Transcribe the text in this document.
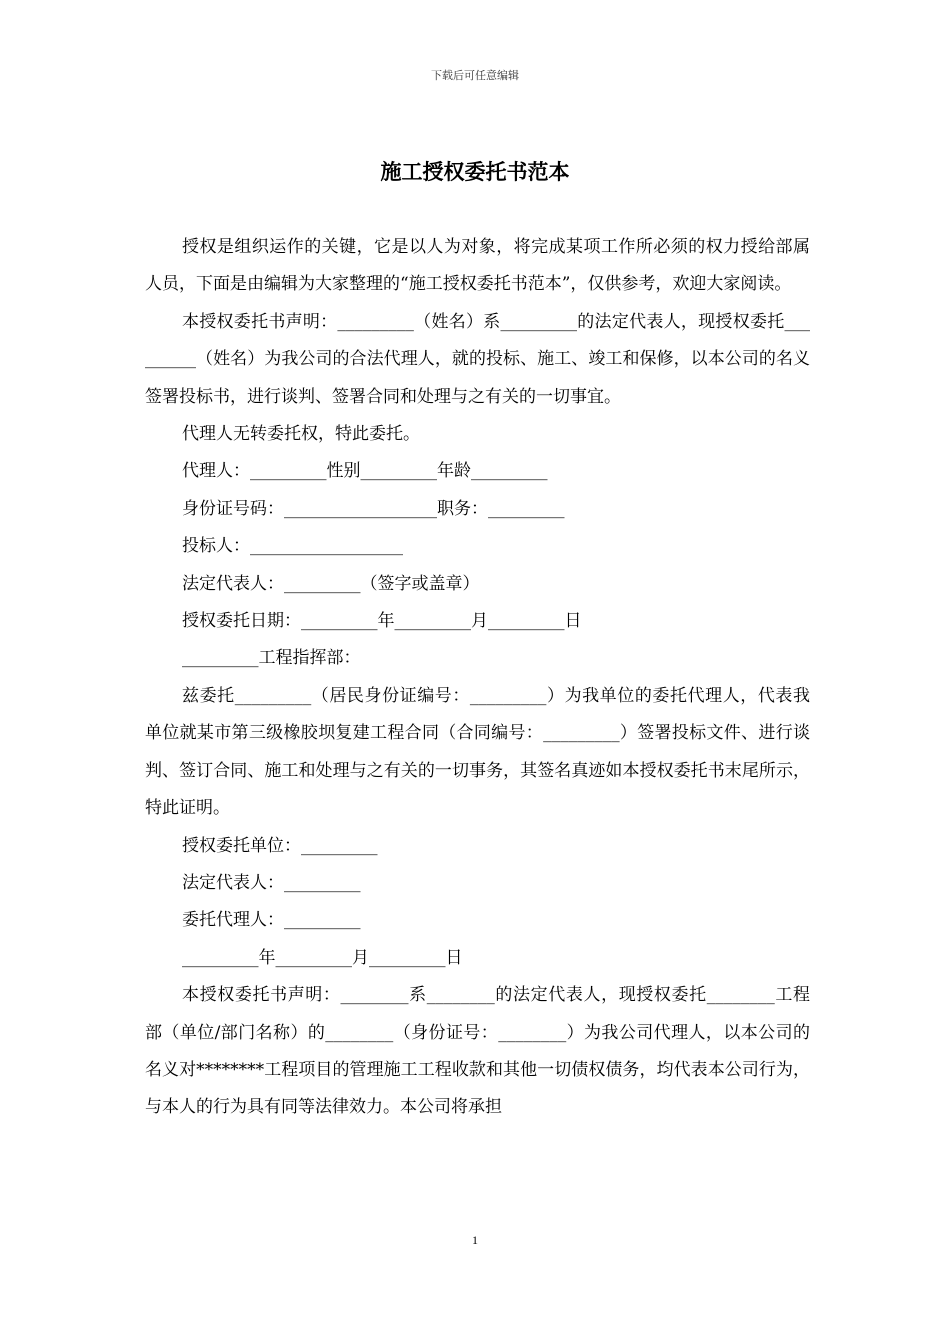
下载后可任意编辑
施工授权委托书范本

授权是组织运作的关键，它是以人为对象，将完成某项工作所必须的权力授给部属人员，下面是由编辑为大家整理的“施工授权委托书范本”，仅供参考，欢迎大家阅读。

本授权委托书声明：_________（姓名）系_________的法定代表人，现授权委托_________（姓名）为我公司的合法代理人，就的投标、施工、竣工和保修，以本公司的名义签署投标书，进行谈判、签署合同和处理与之有关的一切事宜。

代理人无转委托权，特此委托。

代理人：_________性别_________年龄_________

身份证号码：__________________职务：_________

投标人：__________________

法定代表人：_________（签字或盖章）

授权委托日期：_________年_________月_________日

_________工程指挥部：

兹委托_________（居民身份证编号：_________）为我单位的委托代理人，代表我单位就某市第三级橡胶坝复建工程合同（合同编号：_________）签署投标文件、进行谈判、签订合同、施工和处理与之有关的一切事务，其签名真迹如本授权委托书末尾所示，特此证明。

授权委托单位：_________

法定代表人：_________

委托代理人：_________

_________年_________月_________日

本授权委托书声明：________系________的法定代表人，现授权委托________工程部（单位/部门名称）的________（身份证号：________）为我公司代理人，以本公司的名义对********工程项目的管理施工工程收款和其他一切债权债务，均代表本公司行为，与本人的行为具有同等法律效力。本公司将承担

1
